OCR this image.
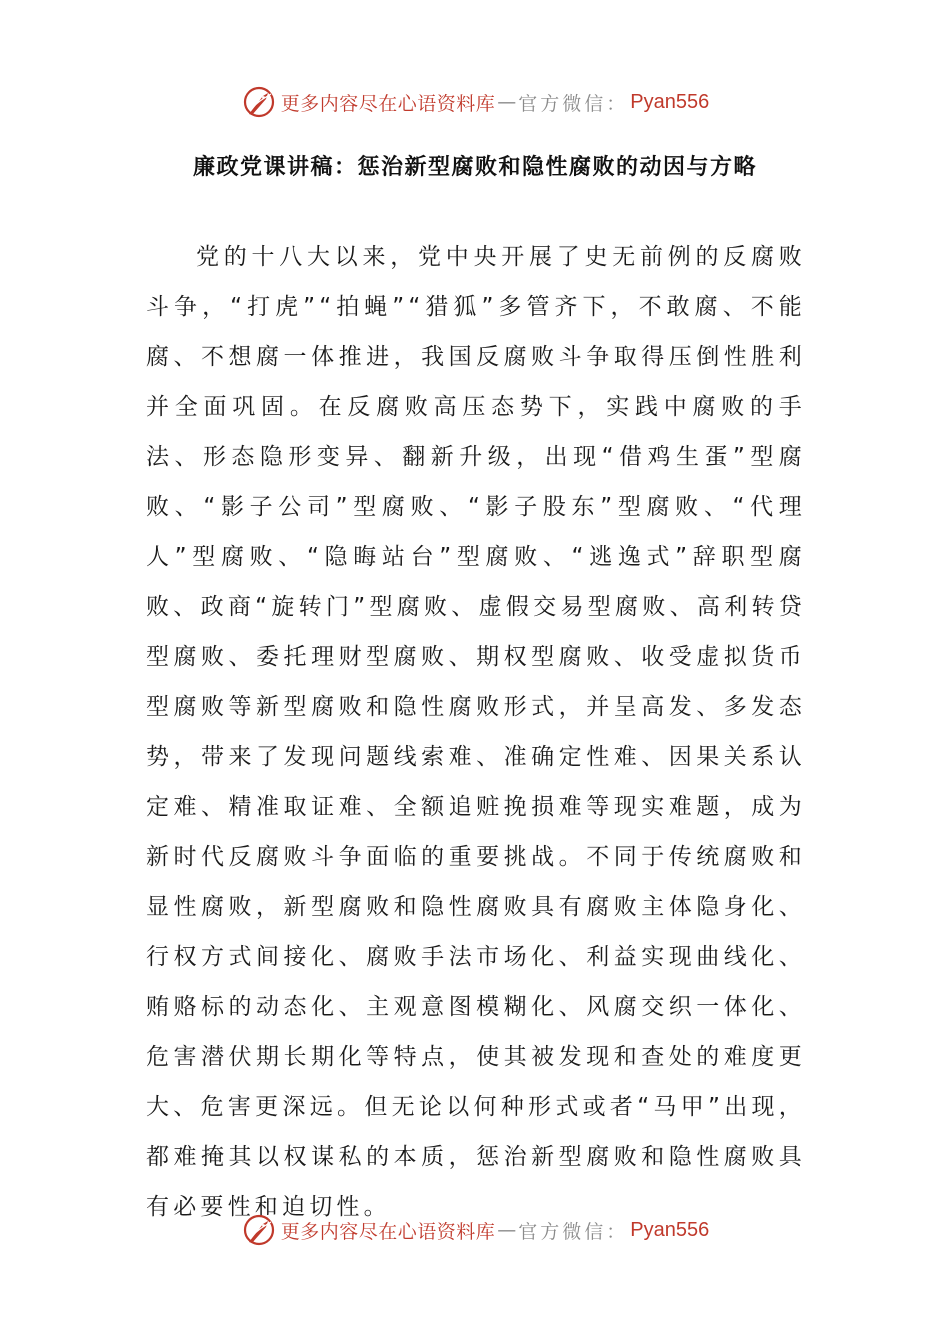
更多内容尽在心语资料库 — 官方微信： Pyan556
廉政党课讲稿：惩治新型腐败和隐性腐败的动因与方略

党的十八大以来，党中央开展了史无前例的反腐败斗争，“打虎”“拍蝇”“猎狐”多管齐下，不敢腐、不能腐、不想腐一体推进，我国反腐败斗争取得压倒性胜利并全面巩固。在反腐败高压态势下，实践中腐败的手法、形态隐形变异、翻新升级，出现“借鸡生蛋”型腐败、“影子公司”型腐败、“影子股东”型腐败、“代理人”型腐败、“隐晦站台”型腐败、“逃逸式”辞职型腐败、政商“旋转门”型腐败、虚假交易型腐败、高利转贷型腐败、委托理财型腐败、期权型腐败、收受虚拟货币型腐败等新型腐败和隐性腐败形式，并呈高发、多发态势，带来了发现问题线索难、准确定性难、因果关系认定难、精准取证难、全额追赃挽损难等现实难题，成为新时代反腐败斗争面临的重要挑战。不同于传统腐败和显性腐败，新型腐败和隐性腐败具有腐败主体隐身化、行权方式间接化、腐败手法市场化、利益实现曲线化、贿赂标的动态化、主观意图模糊化、风腐交织一体化、危害潜伏期长期化等特点，使其被发现和查处的难度更大、危害更深远。但无论以何种形式或者“马甲”出现，都难掩其以权谋私的本质，惩治新型腐败和隐性腐败具有必要性和迫切性。

更多内容尽在心语资料库 — 官方微信： Pyan556
